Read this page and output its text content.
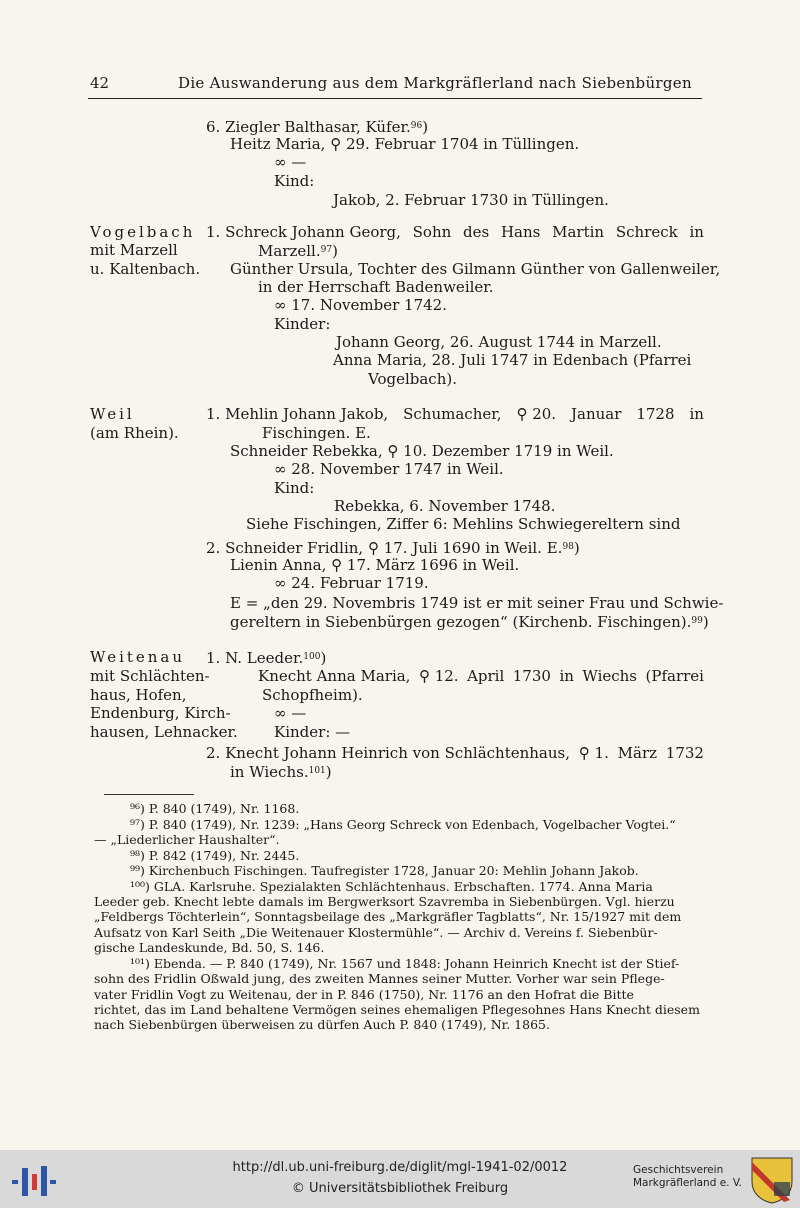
42	Die Auswanderung aus dem Markgräflerland nach Siebenbürgen
6. Ziegler Balthasar, Küfer.$^{96}$)
Heitz Maria, ⚲ 29. Februar 1704 in Tüllingen.
∞ —
Kind:
Jakob, 2. Februar 1730 in Tüllingen.
Vogelbach
mit Marzell
u. Kaltenbach.
1. Schreck Johann Georg, Sohn des Hans Martin Schreck in
Marzell.$^{97}$)
Günther Ursula, Tochter des Gilmann Günther von Gallenweiler,
in der Herrschaft Badenweiler.
∞ 17. November 1742.
Kinder:
Johann Georg, 26. August 1744 in Marzell.
Anna Maria, 28. Juli 1747 in Edenbach (Pfarrei
Vogelbach).
Weil
(am Rhein).
1. Mehlin Johann Jakob, Schumacher, ⚲ 20. Januar 1728 in
Fischingen. E.
Schneider Rebekka, ⚲ 10. Dezember 1719 in Weil.
∞ 28. November 1747 in Weil.
Kind:
Rebekka, 6. November 1748.
Siehe Fischingen, Ziffer 6: Mehlins Schwiegereltern sind
2. Schneider Fridlin, ⚲ 17. Juli 1690 in Weil. E.$^{98}$)
Lienin Anna, ⚲ 17. März 1696 in Weil.
∞ 24. Februar 1719.
E = „den 29. Novembris 1749 ist er mit seiner Frau und Schwie-
gereltern in Siebenbürgen gezogen“ (Kirchenb. Fischingen).$^{99}$)
Weitenau
mit Schlächten-
haus, Hofen,
Endenburg, Kirch-
hausen, Lehnacker.
1. N. Leeder.$^{100}$)
Knecht Anna Maria, ⚲ 12. April 1730 in Wiechs (Pfarrei
Schopfheim).
∞ —
Kinder: —
2. Knecht Johann Heinrich von Schlächtenhaus, ⚲ 1. März 1732
in Wiechs.$^{101}$)
⁹⁶) P. 840 (1749), Nr. 1168.
⁹⁷) P. 840 (1749), Nr. 1239: „Hans Georg Schreck von Edenbach, Vogelbacher Vogtei.“
— „Liederlicher Haushalter“.
⁹⁸) P. 842 (1749), Nr. 2445.
⁹⁹) Kirchenbuch Fischingen. Taufregister 1728, Januar 20: Mehlin Johann Jakob.
¹⁰⁰) GLA. Karlsruhe. Spezialakten Schlächtenhaus. Erbschaften. 1774. Anna Maria
Leeder geb. Knecht lebte damals im Bergwerksort Szavremba in Siebenbürgen. Vgl. hierzu
„Feldbergs Töchterlein“, Sonntagsbeilage des „Markgräfler Tagblatts“, Nr. 15/1927 mit dem
Aufsatz von Karl Seith „Die Weitenauer Klostermühle“. — Archiv d. Vereins f. Siebenbür-
gische Landeskunde, Bd. 50, S. 146.
¹⁰¹) Ebenda. — P. 840 (1749), Nr. 1567 und 1848: Johann Heinrich Knecht ist der Stief-
sohn des Fridlin Oßwald jung, des zweiten Mannes seiner Mutter. Vorher war sein Pflege-
vater Fridlin Vogt zu Weitenau, der in P. 846 (1750), Nr. 1176 an den Hofrat die Bitte
richtet, das im Land behaltene Vermögen seines ehemaligen Pflegesohnes Hans Knecht diesem
nach Siebenbürgen überweisen zu dürfen Auch P. 840 (1749), Nr. 1865.
http://dl.ub.uni-freiburg.de/diglit/mgl-1941-02/0012
© Universitätsbibliothek Freiburg
Geschichtsverein
Markgräflerland e. V.
